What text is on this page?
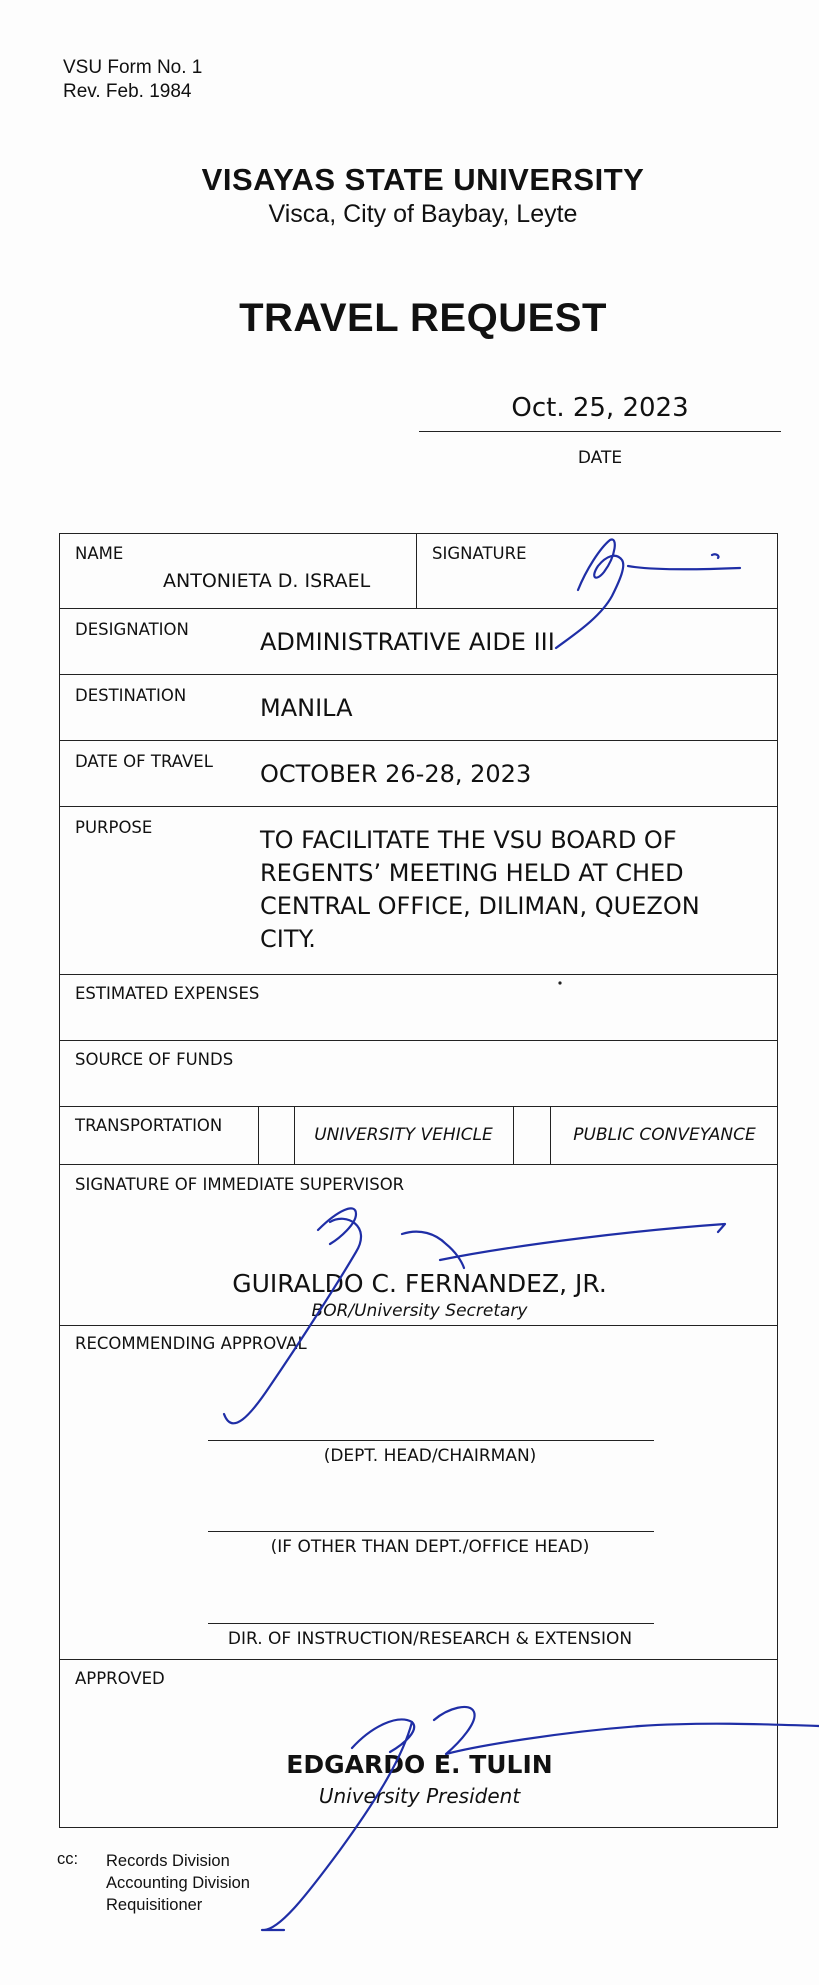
VSU Form No. 1
Rev. Feb. 1984
VISAYAS STATE UNIVERSITY
Visca, City of Baybay, Leyte
TRAVEL REQUEST
Oct. 25, 2023
DATE
NAME
ANTONIETA D. ISRAEL
SIGNATURE
DESIGNATION	ADMINISTRATIVE AIDE III
DESTINATION	MANILA
DATE OF TRAVEL OCTOBER 26-28, 2023
PURPOSE	TO FACILITATE THE VSU BOARD OF REGENTS’ MEETING HELD AT CHED CENTRAL OFFICE, DILIMAN, QUEZON CITY.
ESTIMATED EXPENSES
SOURCE OF FUNDS
TRANSPORTATION	UNIVERSITY VEHICLE	PUBLIC CONVEYANCE
SIGNATURE OF IMMEDIATE SUPERVISOR
GUIRALDO C. FERNANDEZ, JR.
BOR/University Secretary
RECOMMENDING APPROVAL
(DEPT. HEAD/CHAIRMAN)
(IF OTHER THAN DEPT./OFFICE HEAD)
DIR. OF INSTRUCTION/RESEARCH & EXTENSION
APPROVED
EDGARDO E. TULIN
University President
cc: Records Division
Accounting Division
Requisitioner
